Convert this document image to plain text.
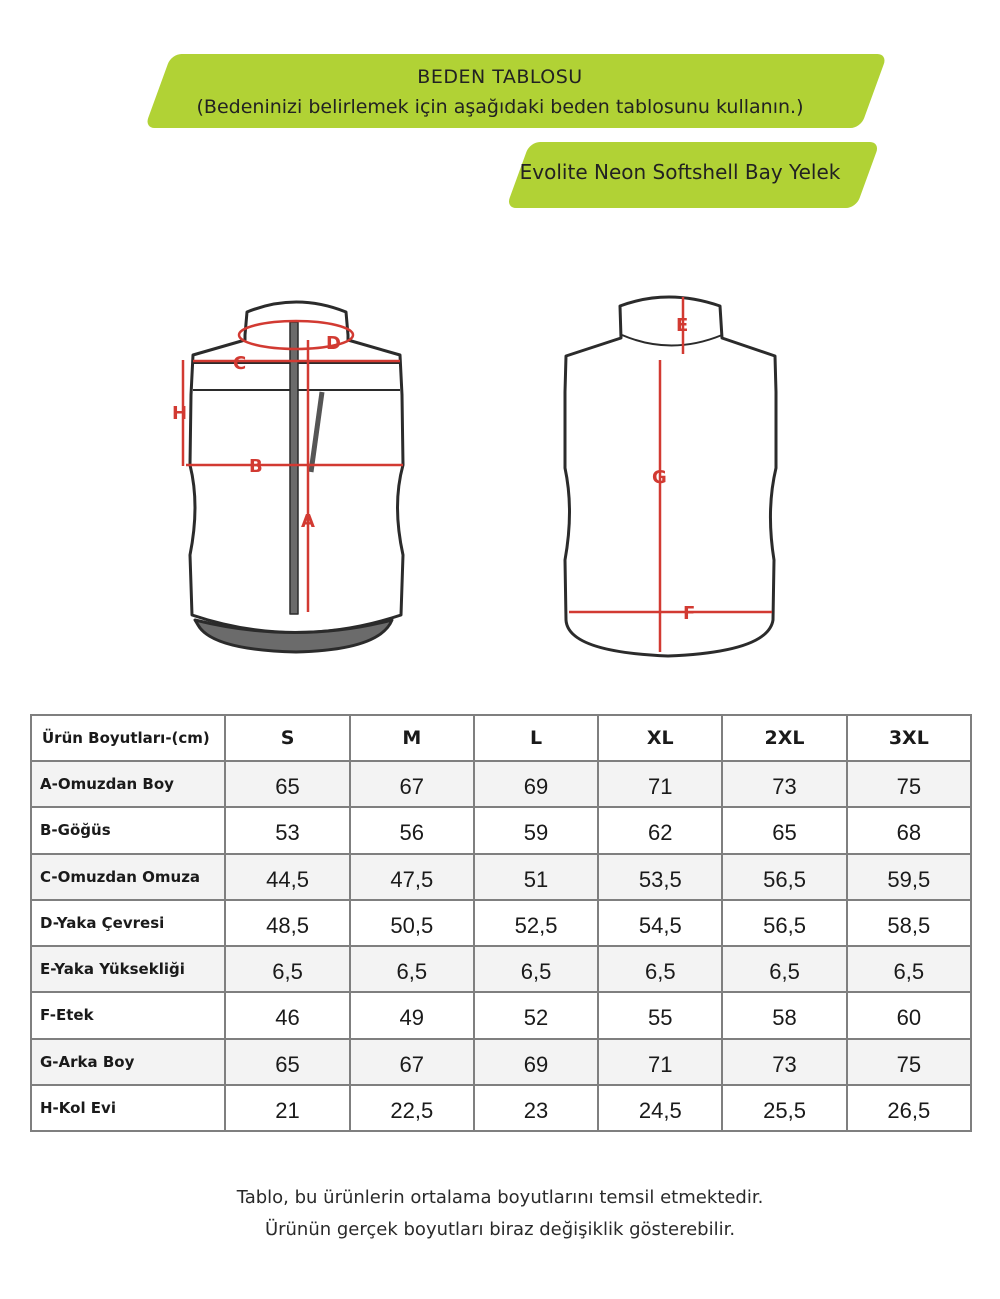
BEDEN TABLOSU
(Bedeninizi belirlemek için aşağıdaki beden tablosunu kullanın.)
Evolite Neon Softshell Bay Yelek
D
C
H
B
A
E
G
F
Ürün Boyutları-(cm)	S	M	L	XL	2XL	3XL
A-Omuzdan Boy	65	67	69	71	73	75
B-Göğüs	53	56	59	62	65	68
C-Omuzdan Omuza	44,5	47,5	51	53,5	56,5	59,5
D-Yaka Çevresi	48,5	50,5	52,5	54,5	56,5	58,5
E-Yaka Yüksekliği	6,5	6,5	6,5	6,5	6,5	6,5
F-Etek	46	49	52	55	58	60
G-Arka Boy	65	67	69	71	73	75
H-Kol Evi	21	22,5	23	24,5	25,5	26,5
Tablo, bu ürünlerin ortalama boyutlarını temsil etmektedir.
Ürünün gerçek boyutları biraz değişiklik gösterebilir.
